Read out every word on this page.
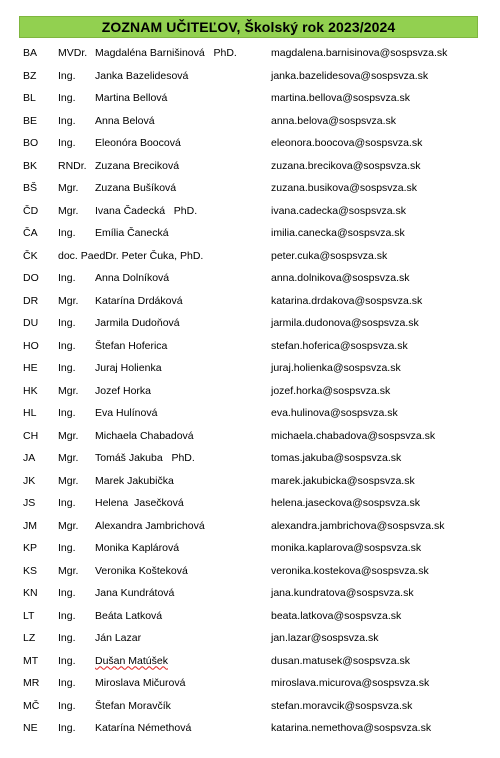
ZOZNAM UČITEĽOV, Školský rok 2023/2024
BA MVDr. Magdaléna Barnišinová   PhD.	magdalena.barnisinova@sospsvza.sk
BZ Ing. Janka Bazelidesová	janka.bazelidesova@sospsvza.sk
BL Ing. Martina Bellová	martina.bellova@sospsvza.sk
BE Ing. Anna Belová	anna.belova@sospsvza.sk
BO Ing. Eleonóra Boocová	eleonora.boocova@sospsvza.sk
BK RNDr. Zuzana Breciková	zuzana.brecikova@sospsvza.sk
BŠ Mgr. Zuzana Bušíková	zuzana.busikova@sospsvza.sk
ČD Mgr. Ivana Čadecká   PhD.	ivana.cadecka@sospsvza.sk
ČA Ing. Emília Čanecká	imilia.canecka@sospsvza.sk
ČK doc. PaedDr. Peter Čuka, PhD.	peter.cuka@sospsvza.sk
DO Ing. Anna Dolníková	anna.dolnikova@sospsvza.sk
DR Mgr. Katarína Drdáková	katarina.drdakova@sospsvza.sk
DU Ing. Jarmila Dudoňová	jarmila.dudonova@sospsvza.sk
HO Ing. Štefan Hoferica	stefan.hoferica@sospsvza.sk
HE Ing. Juraj Holienka	juraj.holienka@sospsvza.sk
HK Mgr. Jozef Horka	jozef.horka@sospsvza.sk
HL Ing. Eva Hulínová	eva.hulinova@sospsvza.sk
CH Mgr. Michaela Chabadová	michaela.chabadova@sospsvza.sk
JA Mgr. Tomáš Jakuba   PhD.	tomas.jakuba@sospsvza.sk
JK Mgr. Marek Jakubička	marek.jakubicka@sospsvza.sk
JS Ing. Helena  Jasečková	helena.jaseckova@sospsvza.sk
JM Mgr. Alexandra Jambrichová	alexandra.jambrichova@sospsvza.sk
KP Ing. Monika Kaplárová	monika.kaplarova@sospsvza.sk
KS Mgr. Veronika Košteková	veronika.kostekova@sospsvza.sk
KN Ing. Jana Kundrátová	jana.kundratova@sospsvza.sk
LT Ing. Beáta Latková	beata.latkova@sospsvza.sk
LZ Ing. Ján Lazar	jan.lazar@sospsvza.sk
MT Ing. Dušan Matúšek	dusan.matusek@sospsvza.sk
MR Ing. Miroslava Mičurová	miroslava.micurova@sospsvza.sk
MČ Ing. Štefan Moravčík	stefan.moravcik@sospsvza.sk
NE Ing. Katarína Némethová	katarina.nemethova@sospsvza.sk
